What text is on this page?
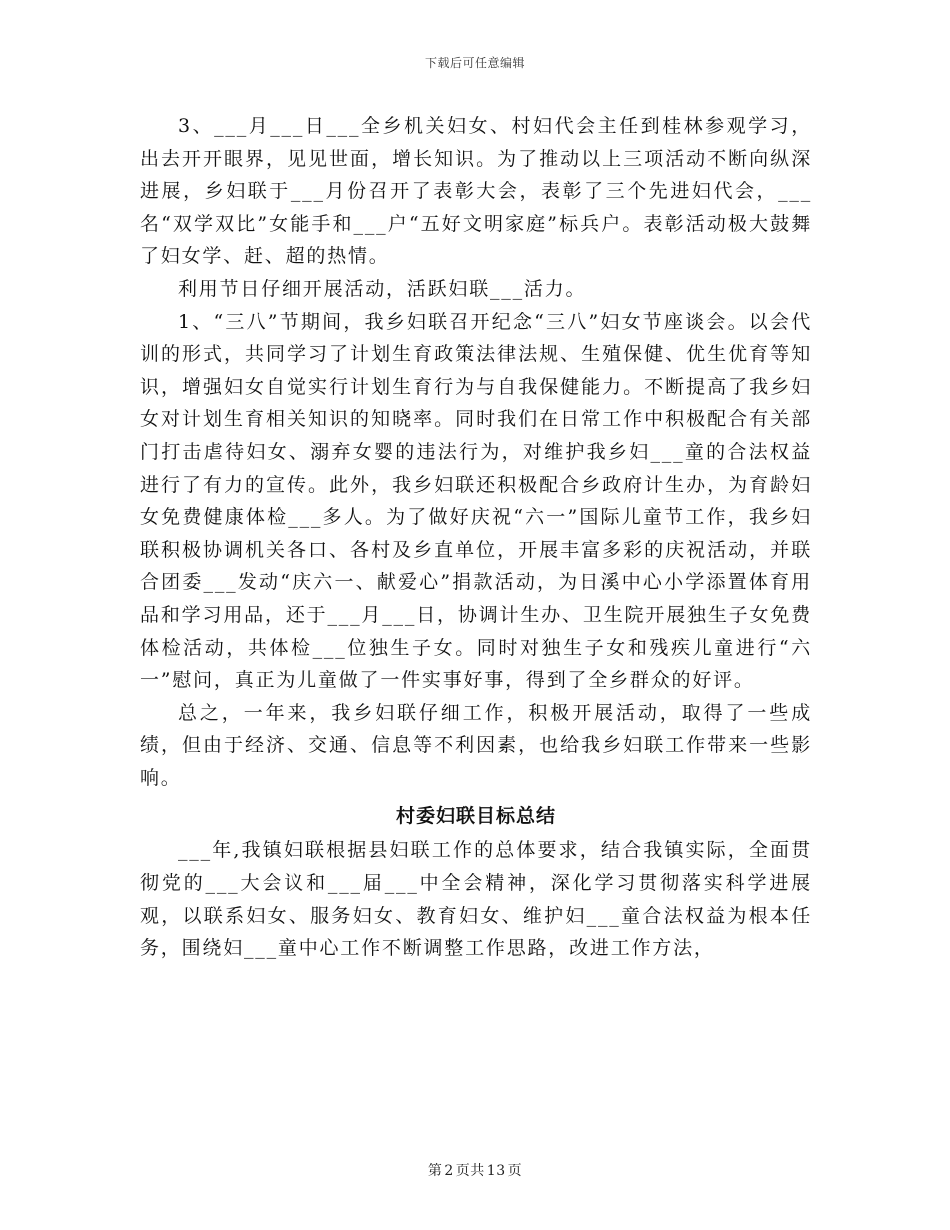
下载后可任意编辑

3、___月___日___全乡机关妇女、村妇代会主任到桂林参观学习，出去开开眼界，见见世面，增长知识。为了推动以上三项活动不断向纵深进展，乡妇联于___月份召开了表彰大会，表彰了三个先进妇代会，___名“双学双比”女能手和___户“五好文明家庭”标兵户。表彰活动极大鼓舞了妇女学、赶、超的热情。

利用节日仔细开展活动，活跃妇联___活力。

1、“三八”节期间，我乡妇联召开纪念“三八”妇女节座谈会。以会代训的形式，共同学习了计划生育政策法律法规、生殖保健、优生优育等知识，增强妇女自觉实行计划生育行为与自我保健能力。不断提高了我乡妇女对计划生育相关知识的知晓率。同时我们在日常工作中积极配合有关部门打击虐待妇女、溺弃女婴的违法行为，对维护我乡妇___童的合法权益进行了有力的宣传。此外，我乡妇联还积极配合乡政府计生办，为育龄妇女免费健康体检___多人。为了做好庆祝“六一”国际儿童节工作，我乡妇联积极协调机关各口、各村及乡直单位，开展丰富多彩的庆祝活动，并联合团委___发动“庆六一、献爱心”捐款活动，为日溪中心小学添置体育用品和学习用品，还于___月___日，协调计生办、卫生院开展独生子女免费体检活动，共体检___位独生子女。同时对独生子女和残疾儿童进行“六一”慰问，真正为儿童做了一件实事好事，得到了全乡群众的好评。

总之，一年来，我乡妇联仔细工作，积极开展活动，取得了一些成绩，但由于经济、交通、信息等不利因素，也给我乡妇联工作带来一些影响。

村委妇联目标总结

___年,我镇妇联根据县妇联工作的总体要求，结合我镇实际，全面贯彻党的___大会议和___届___中全会精神，深化学习贯彻落实科学进展观，以联系妇女、服务妇女、教育妇女、维护妇___童合法权益为根本任务，围绕妇___童中心工作不断调整工作思路，改进工作方法，

第 2 页共 13 页
